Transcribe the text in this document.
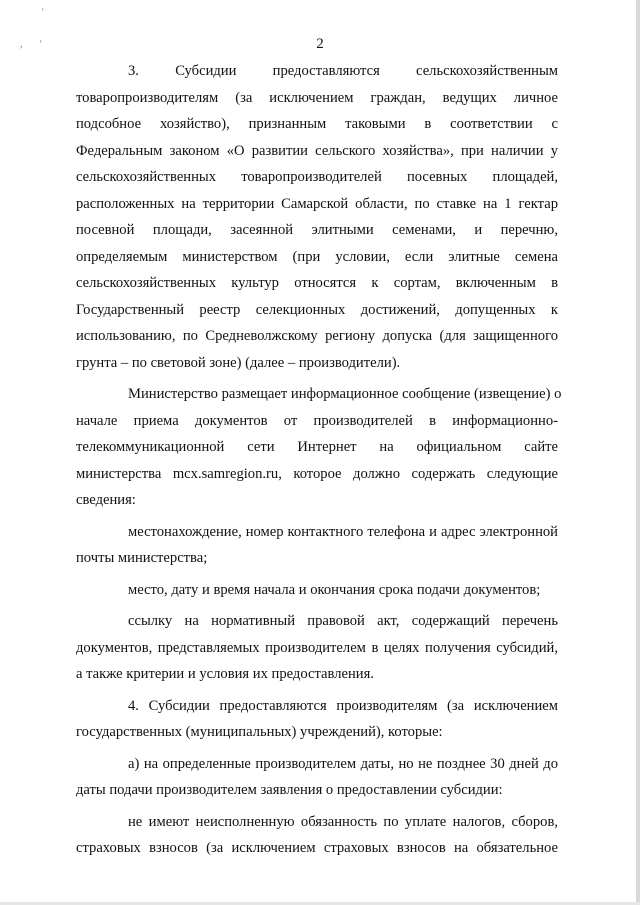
'
, '	2
3. Субсидии предоставляются сельскохозяйственным
товаропроизводителям (за исключением граждан, ведущих личное
подсобное хозяйство), признанным таковыми в соответствии с
Федеральным законом «О развитии сельского хозяйства», при наличии у
сельскохозяйственных товаропроизводителей посевных площадей,
расположенных на территории Самарской области, по ставке на 1 гектар
посевной площади, засеянной элитными семенами, и перечню,
определяемым министерством (при условии, если элитные семена
сельскохозяйственных культур относятся к сортам, включенным в
Государственный реестр селекционных достижений, допущенных к
использованию, по Средневолжскому региону допуска (для защищенного
грунта – по световой зоне) (далее – производители).
Министерство размещает информационное сообщение (извещение) о
начале приема документов от производителей в информационно-
телекоммуникационной сети Интернет на официальном сайте
министерства mcx.samregion.ru, которое должно содержать следующие
сведения:
местонахождение, номер контактного телефона и адрес электронной
почты министерства;
место, дату и время начала и окончания срока подачи документов;
ссылку на нормативный правовой акт, содержащий перечень
документов, представляемых производителем в целях получения субсидий,
а также критерии и условия их предоставления.
4. Субсидии предоставляются производителям (за исключением
государственных (муниципальных) учреждений), которые:
а) на определенные производителем даты, но не позднее 30 дней до
даты подачи производителем заявления о предоставлении субсидии:
не имеют неисполненную обязанность по уплате налогов, сборов,
страховых взносов (за исключением страховых взносов на обязательное
